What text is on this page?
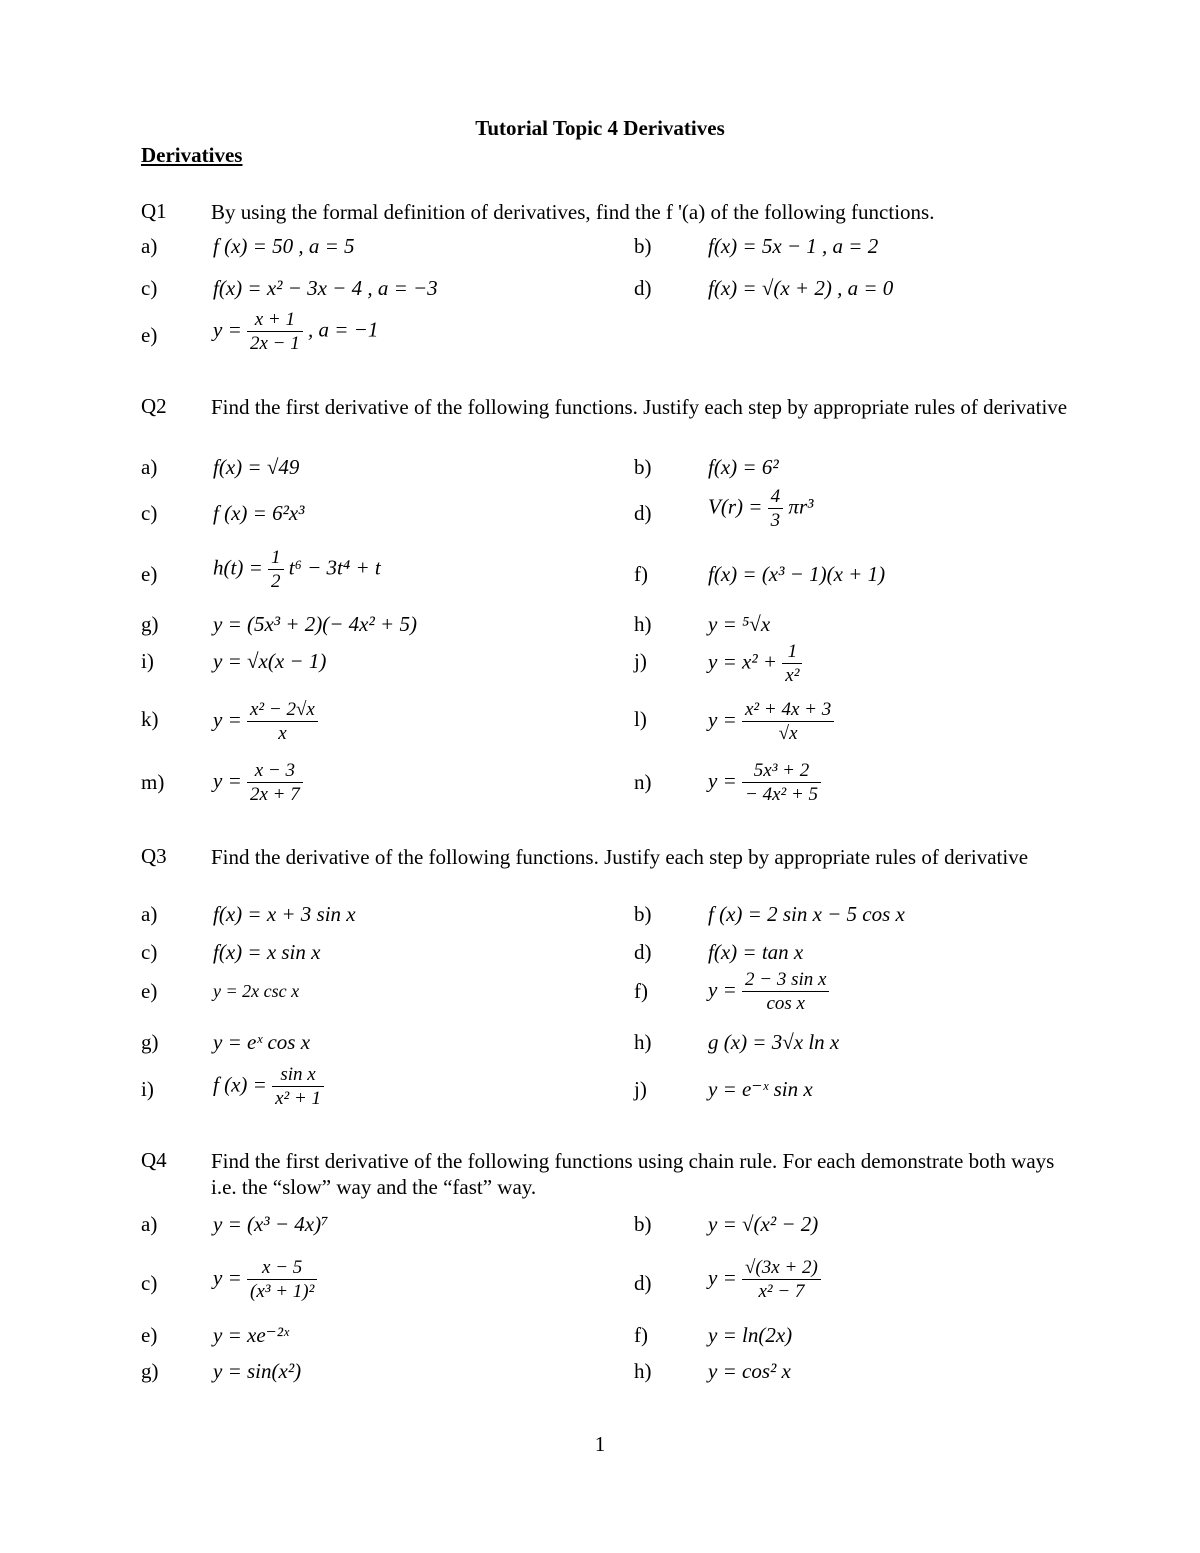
Tutorial Topic 4 Derivatives
Derivatives
Q1 By using the formal definition of derivatives, find the f '(a) of the following functions.
a)	f (x) = 50 , a = 5	b)	f(x) = 5x − 1 , a = 2
c)	f(x) = x² − 3x − 4 , a = −3	d)	f(x) = √(x + 2) , a = 0
e)	$y = \frac{x + 1}{2x - 1}$ , a = −1
Q2 Find the first derivative of the following functions. Justify each step by appropriate rules of derivative
a)	f(x) = √49	b)	f(x) = 6²
c)	f (x) = 6²x³	d)	$V(r) = \frac{4}{3} \pi r^3$
e)	$h(t) = \frac{1}{2} t^6 - 3t^4 + t$	f)	f(x) = (x³ − 1)(x + 1)
g)	y = (5x³ + 2)(− 4x² + 5)	h)	y = ⁵√x
i)	y = √x(x − 1)	j)	$y = x^2 + \frac{1}{\text{x²}}$
k)	$y = \frac{\text{x² − 2√x}}{x}$	l)	$y = \frac{\text{x² + 4x + 3}}{√x}$
m) $y = \frac{x - 3}{2x + 7}$	n)	$y = \frac{\text{5x³ + 2}}{\text{− 4x² + 5}}$
Q3 Find the derivative of the following functions. Justify each step by appropriate rules of derivative
a)	f(x) = x + 3 sin x	b)	f (x) = 2 sin x − 5 cos x
c)	f(x) = x sin x	d)	f(x) = tan x
e)	y = 2x csc x	f)	$y = \frac{\text{2 − 3 sin x}}{\text{cos x}}$
g)	y = eˣ cos x	h)	g (x) = 3√x ln x
i)	f $(x) = \frac{\text{sin x}}{\text{x² + 1}}$	j)	y = e⁻ˣ sin x
Q4 Find the first derivative of the following functions using chain rule. For each demonstrate both ways i.e. the “slow” way and the “fast” way.
a)	y = (x³ − 4x)⁷	b)	y = √(x² − 2)
c)	$y = \frac{x - 5}{\text{(x³ + 1)²}}$	d)	$y = \frac{√(3x + 2)}{\text{x² − 7}}$
e)	y = xe⁻²ˣ	f)	y = ln(2x)
g)	y = sin(x²)	h)	y = cos² x
1
